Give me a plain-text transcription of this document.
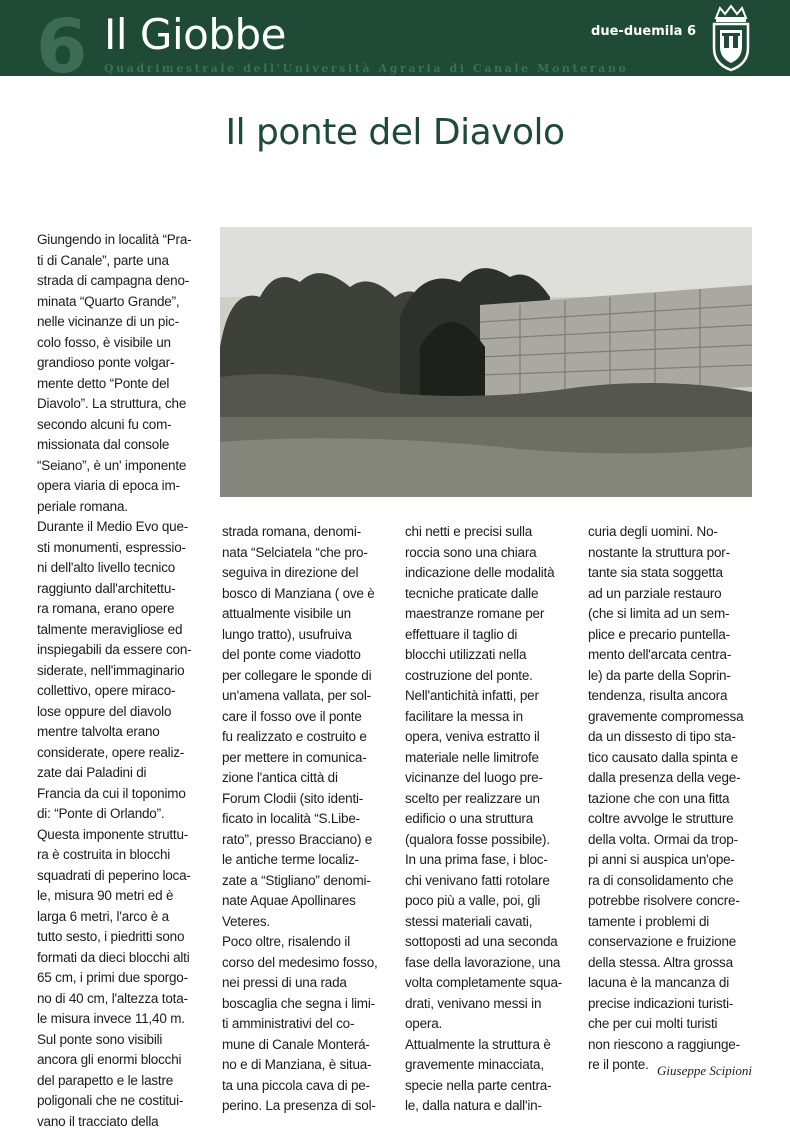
6 Il Giobbe
Quadrimestrale dell'Università Agraria di Canale Monterano
due-duemila 6
Il ponte del Diavolo

Giungendo in località “Pra-

ti di Canale”, parte una

strada di campagna deno-

minata “Quarto Grande”,

nelle vicinanze di un pic-

colo fosso, è visibile un

grandioso ponte volgar-

mente detto “Ponte del

Diavolo”. La struttura, che

secondo alcuni fu com-

missionata dal console

“Seiano”, è un' imponente

opera viaria di epoca im-

periale romana.

Durante il Medio Evo que-

sti monumenti, espressio-

ni dell'alto livello tecnico

raggiunto dall'architettu-

ra romana, erano opere

talmente meravigliose ed

inspiegabili da essere con-

siderate, nell'immaginario

collettivo, opere miraco-

lose oppure del diavolo

mentre talvolta erano

considerate, opere realiz-

zate dai Paladini di

Francia da cui il toponimo

di: “Ponte di Orlando”.

Questa imponente struttu-

ra è costruita in blocchi

squadrati di peperino loca-

le, misura 90 metri ed è

larga 6 metri, l'arco è a

tutto sesto, i piedritti sono

formati da dieci blocchi alti

65 cm, i primi due sporgo-

no di 40 cm, l'altezza tota-

le misura invece 11,40 m.

Sul ponte sono visibili

ancora gli enormi blocchi

del parapetto e le lastre

poligonali che ne costitui-

vano il tracciato della

strada romana, denomi-

nata “Selciatela “che pro-

seguiva in direzione del

bosco di Manziana ( ove è

attualmente visibile un

lungo tratto), usufruiva

del ponte come viadotto

per collegare le sponde di

un'amena vallata, per sol-

care il fosso ove il ponte

fu realizzato e costruito e

per mettere in comunica-

zione l'antica città di

Forum Clodii (sito identi-

ficato in località “S.Libe-

rato”, presso Bracciano) e

le antiche terme localiz-

zate a “Stigliano” denomi-

nate Aquae Apollinares

Veteres.

Poco oltre, risalendo il

corso del medesimo fosso,

nei pressi di una rada

boscaglia che segna i limi-

ti amministrativi del co-

mune di Canale Monterá-

no e di Manziana, è situa-

ta una piccola cava di pe-

perino. La presenza di sol-

chi netti e precisi sulla

roccia sono una chiara

indicazione delle modalità

tecniche praticate dalle

maestranze romane per

effettuare il taglio di

blocchi utilizzati nella

costruzione del ponte.

Nell'antichità infatti, per

facilitare la messa in

opera, veniva estratto il

materiale nelle limitrofe

vicinanze del luogo pre-

scelto per realizzare un

edificio o una struttura

(qualora fosse possibile).

In una prima fase, i bloc-

chi venivano fatti rotolare

poco più a valle, poi, gli

stessi materiali cavati,

sottoposti ad una seconda

fase della lavorazione, una

volta completamente squa-

drati, venivano messi in

opera.

Attualmente la struttura è

gravemente minacciata,

specie nella parte centra-

le, dalla natura e dall'in-

curia degli uomini. No-

nostante la struttura por-

tante sia stata soggetta

ad un parziale restauro

(che si limita ad un sem-

plice e precario puntella-

mento dell'arcata centra-

le) da parte della Soprin-

tendenza, risulta ancora

gravemente compromessa

da un dissesto di tipo sta-

tico causato dalla spinta e

dalla presenza della vege-

tazione che con una fitta

coltre avvolge le strutture

della volta. Ormai da trop-

pi anni si auspica un'ope-

ra di consolidamento che

potrebbe risolvere concre-

tamente i problemi di

conservazione e fruizione

della stessa. Altra grossa

lacuna è la mancanza di

precise indicazioni turisti-

che per cui molti turisti

non riescono a raggiunge-

re il ponte. Giuseppe Scipioni
